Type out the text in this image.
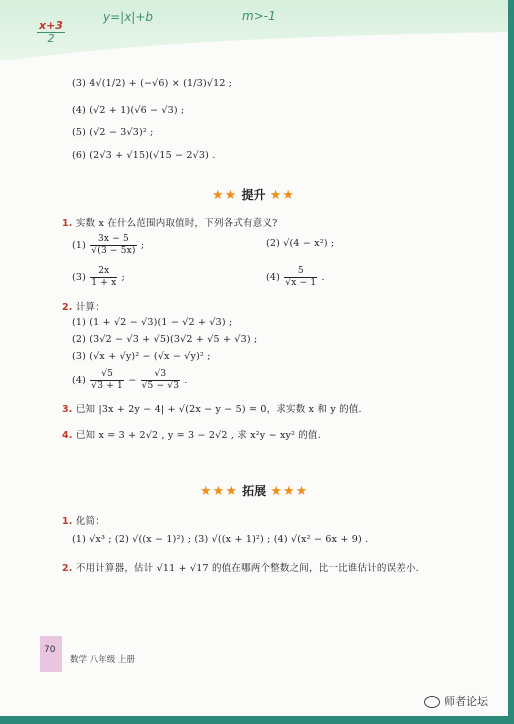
$\frac{x+3}{2}$
y=|x|+b	m>-1
(3) 4√(1/2) + (−√6) × (1/3)√12 ;
(4) (√2 + 1)(√6 − √3) ;
(5) (√2 − 3√3)² ;
(6) (2√3 + √15)(√15 − 2√3) .
★★ 提升 ★★
1. 实数 x 在什么范围内取值时，下列各式有意义?
$(1) \frac{3x - 5}{√(3 - 5x)}$ ;	(2) √(4 − x²) ;
$(3) \frac{2x}{1 + x}$ ;	$(4) \frac{5}{√x - 1}$ .
2. 计算：
(1) (1 + √2 − √3)(1 − √2 + √3) ;
(2) (3√2 − √3 + √5)(3√2 + √5 + √3) ;
(3) (√x + √y)² − (√x − √y)² ;
$(4) \frac{√5}{√3 + 1} - \frac{√3}{√5 - √3}$ .
3. 已知 |3x + 2y − 4| + √(2x − y − 5) = 0，求实数 x 和 y 的值.
4. 已知 x = 3 + 2√2 , y = 3 − 2√2 , 求 x²y − xy² 的值.
★★★ 拓展 ★★★
1. 化简：
(1) √x³ ; (2) √((x − 1)²) ; (3) √((x + 1)²) ; (4) √(x² − 6x + 9) .
2. 不用计算器，估计 √11 + √17 的值在哪两个整数之间，比一比谁估计的误差小.
70
数学 八年级 上册
师者论坛
